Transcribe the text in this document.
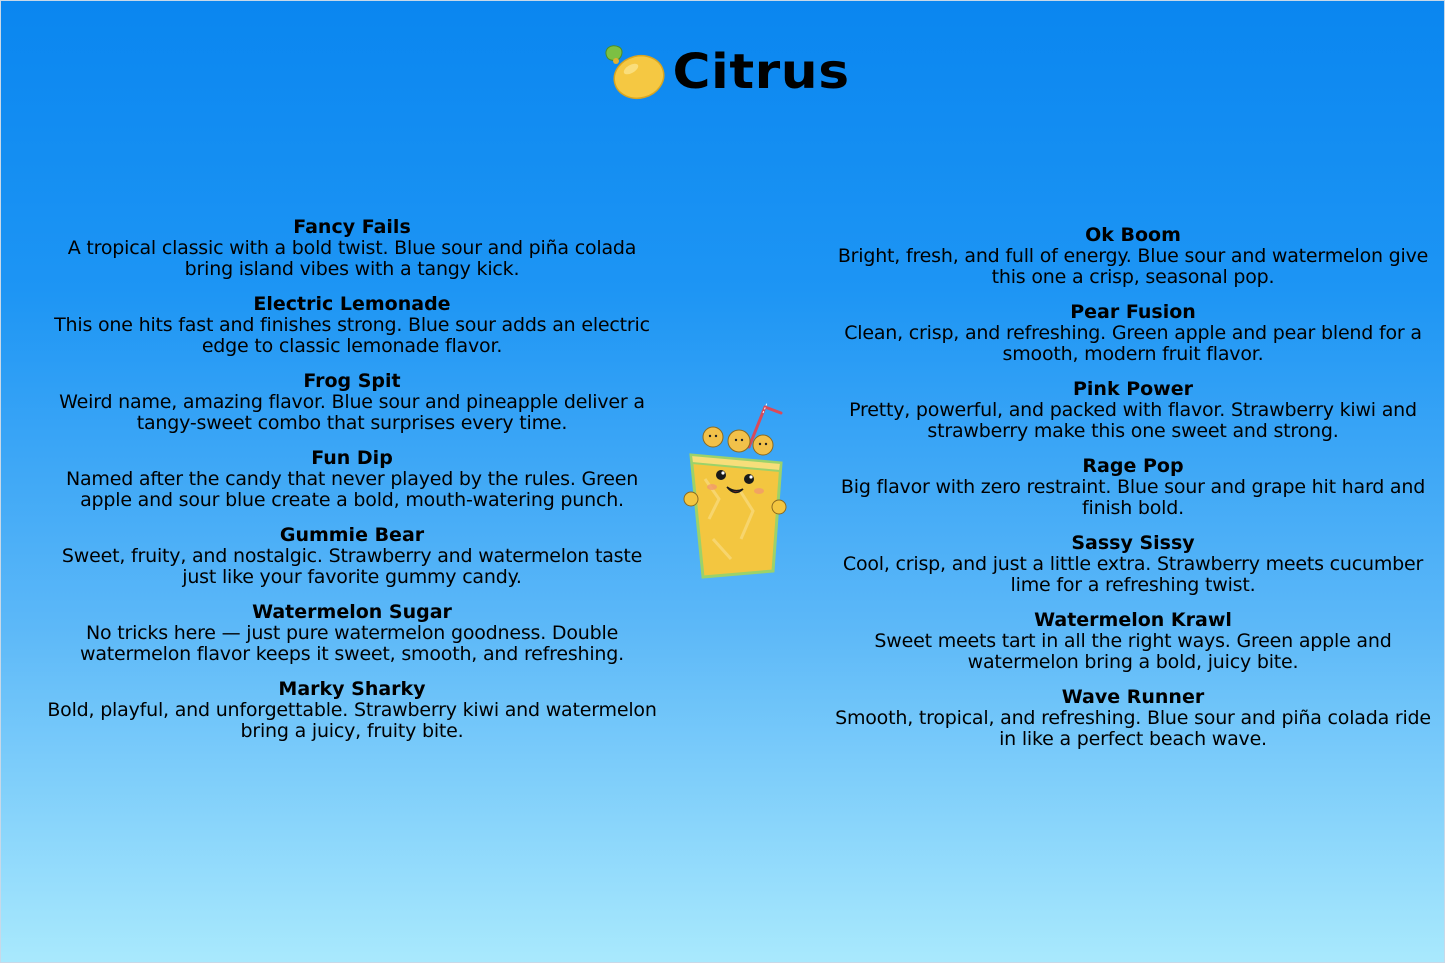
Citrus
Fancy Fails
A tropical classic with a bold twist. Blue sour and piña colada bring island vibes with a tangy kick.
Electric Lemonade
This one hits fast and finishes strong. Blue sour adds an electric edge to classic lemonade flavor.
Frog Spit
Weird name, amazing flavor. Blue sour and pineapple deliver a tangy-sweet combo that surprises every time.
Fun Dip
Named after the candy that never played by the rules. Green apple and sour blue create a bold, mouth-watering punch.
Gummie Bear
Sweet, fruity, and nostalgic. Strawberry and watermelon taste just like your favorite gummy candy.
Watermelon Sugar
No tricks here — just pure watermelon goodness. Double watermelon flavor keeps it sweet, smooth, and refreshing.
Marky Sharky
Bold, playful, and unforgettable. Strawberry kiwi and watermelon bring a juicy, fruity bite.
Ok Boom
Bright, fresh, and full of energy. Blue sour and watermelon give this one a crisp, seasonal pop.
Pear Fusion
Clean, crisp, and refreshing. Green apple and pear blend for a smooth, modern fruit flavor.
Pink Power
Pretty, powerful, and packed with flavor. Strawberry kiwi and strawberry make this one sweet and strong.
Rage Pop
Big flavor with zero restraint. Blue sour and grape hit hard and finish bold.
Sassy Sissy
Cool, crisp, and just a little extra. Strawberry meets cucumber lime for a refreshing twist.
Watermelon Krawl
Sweet meets tart in all the right ways. Green apple and watermelon bring a bold, juicy bite.
Wave Runner
Smooth, tropical, and refreshing. Blue sour and piña colada ride in like a perfect beach wave.
